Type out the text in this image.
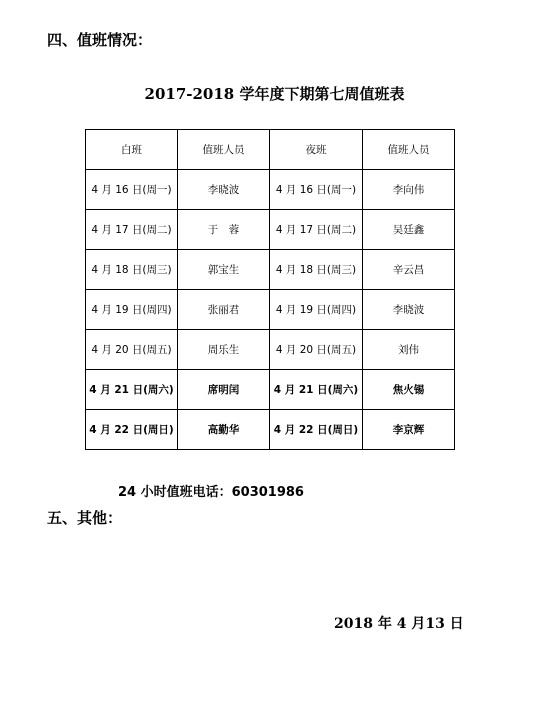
四、值班情况：
2017-2018 学年度下期第七周值班表
白班	值班人员	夜班	值班人员
4 月 16 日(周一)	李晓波	4 月 16 日(周一)	李向伟
4 月 17 日(周二)	于　蓉	4 月 17 日(周二)	吴廷鑫
4 月 18 日(周三)	郭宝生	4 月 18 日(周三)	辛云昌
4 月 19 日(周四)	张丽君	4 月 19 日(周四)	李晓波
4 月 20 日(周五)	周乐生	4 月 20 日(周五)	刘伟
4 月 21 日(周六)	席明闰	4 月 21 日(周六)	焦火锡
4 月 22 日(周日)	高勤华	4 月 22 日(周日)	李京辉
24 小时值班电话：60301986
五、其他：
2018 年 4 月13 日
